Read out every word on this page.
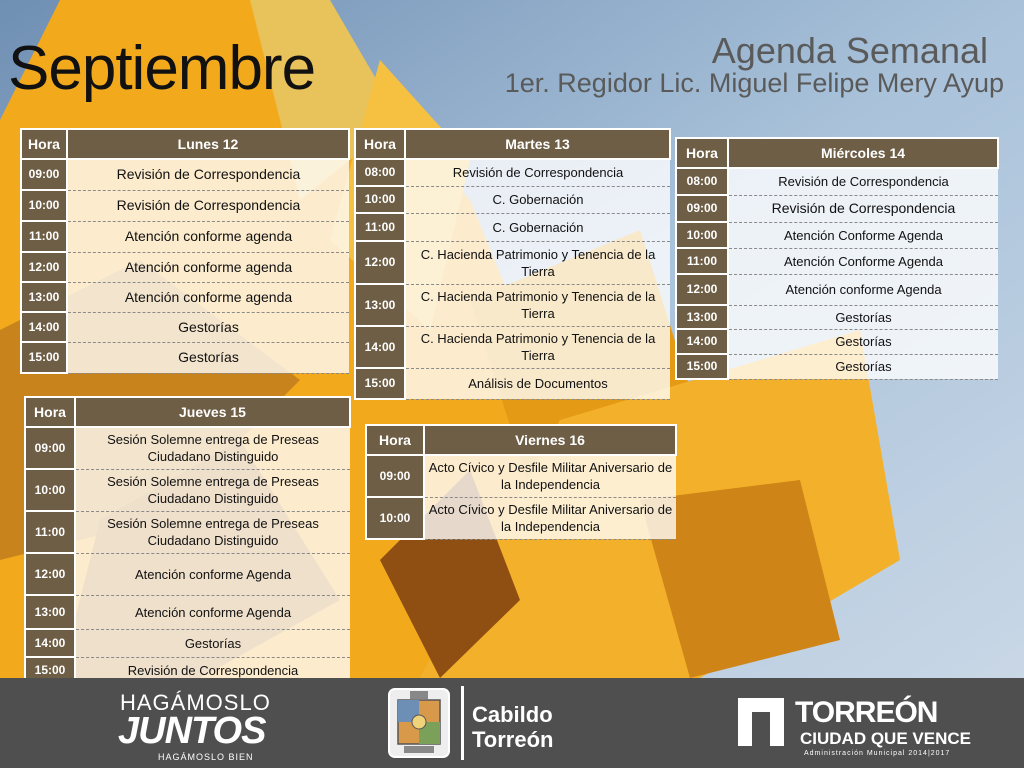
Septiembre	Agenda Semanal
1er. Regidor Lic. Miguel Felipe Mery Ayup
Hora	Lunes 12
09:00	Revisión de Correspondencia
10:00	Revisión de Correspondencia
11:00	Atención conforme agenda
12:00	Atención conforme agenda
13:00	Atención conforme agenda
14:00	Gestorías
15:00	Gestorías
Hora	Martes 13
08:00	Revisión de Correspondencia
10:00	C. Gobernación
11:00	C. Gobernación
12:00	C. Hacienda Patrimonio y Tenencia de la Tierra
13:00	C. Hacienda Patrimonio y Tenencia de la Tierra
14:00	C. Hacienda Patrimonio y Tenencia de la Tierra
15:00	Análisis de Documentos
Hora	Miércoles 14
08:00	Revisión de Correspondencia
09:00	Revisión de Correspondencia
10:00	Atención Conforme Agenda
11:00	Atención Conforme Agenda
12:00	Atención conforme Agenda
13:00	Gestorías
14:00	Gestorías
15:00	Gestorías
Hora	Jueves 15
09:00	Sesión Solemne entrega de Preseas Ciudadano Distinguido
10:00	Sesión Solemne entrega de Preseas Ciudadano Distinguido
11:00	Sesión Solemne entrega de Preseas Ciudadano Distinguido
12:00	Atención conforme Agenda
13:00	Atención conforme Agenda
14:00	Gestorías
15:00	Revisión de Correspondencia
Hora	Viernes 16
09:00	Acto Cívico y Desfile Militar Aniversario de la Independencia
10:00	Acto Cívico y Desfile Militar Aniversario de la Independencia
HAGÁMOSLO
JUNTOS
HAGÁMOSLO BIEN
Cabildo
Torreón
TORREÓN
CIUDAD QUE VENCE
Administración Municipal 2014|2017
